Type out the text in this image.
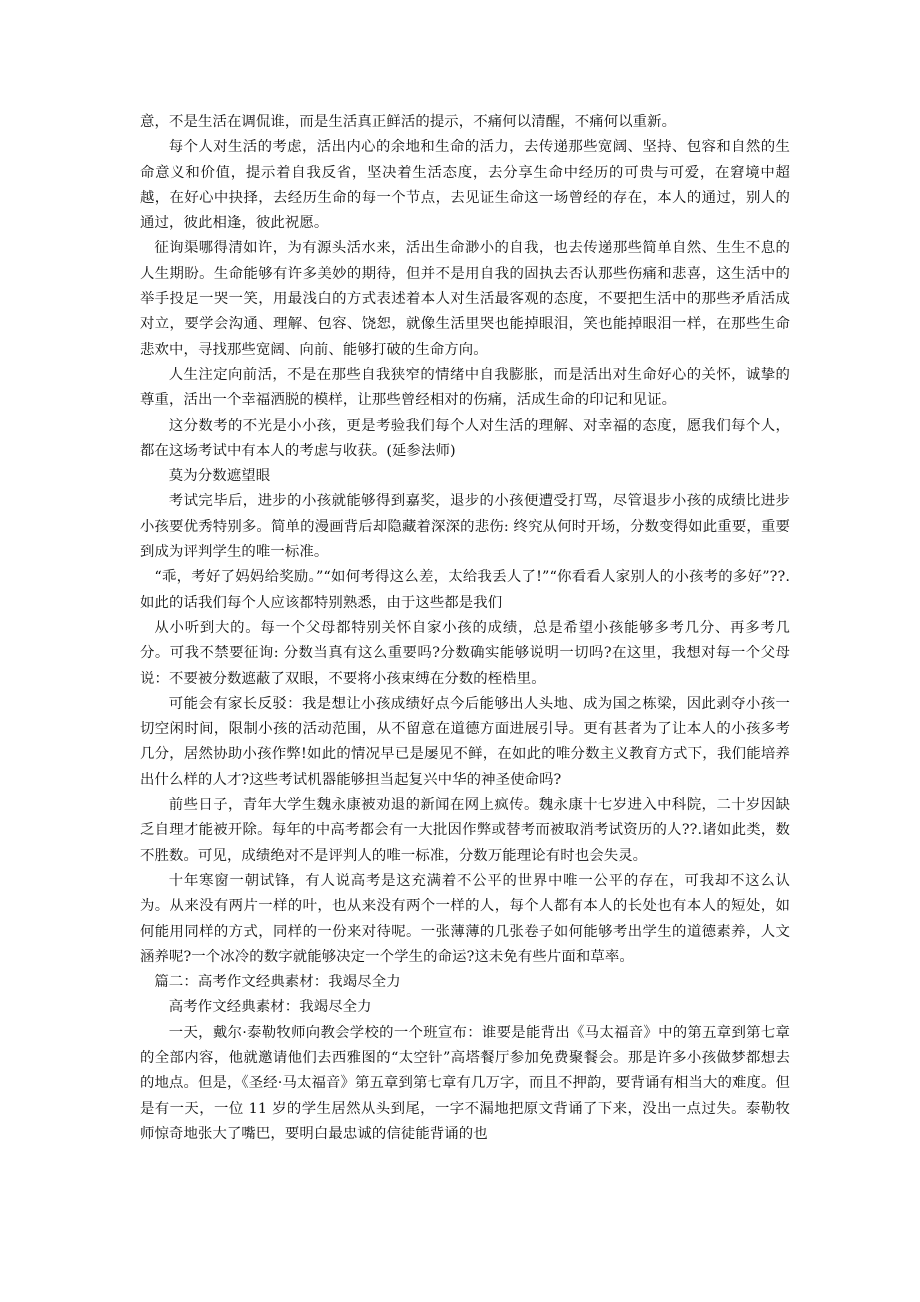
意，不是生活在调侃谁，而是生活真正鲜活的提示，不痛何以清醒，不痛何以重新。

每个人对生活的考虑，活出内心的余地和生命的活力，去传递那些宽阔、坚持、包容和自然的生命意义和价值，提示着自我反省，坚决着生活态度，去分享生命中经历的可贵与可爱，在窘境中超越，在好心中抉择，去经历生命的每一个节点，去见证生命这一场曾经的存在，本人的通过，别人的通过，彼此相逢，彼此祝愿。

征询渠哪得清如许，为有源头活水来，活出生命渺小的自我，也去传递那些简单自然、生生不息的人生期盼。生命能够有许多美妙的期待，但并不是用自我的固执去否认那些伤痛和悲喜，这生活中的举手投足一哭一笑，用最浅白的方式表述着本人对生活最客观的态度，不要把生活中的那些矛盾活成对立，要学会沟通、理解、包容、饶恕，就像生活里哭也能掉眼泪，笑也能掉眼泪一样，在那些生命悲欢中，寻找那些宽阔、向前、能够打破的生命方向。

人生注定向前活，不是在那些自我狭窄的情绪中自我膨胀，而是活出对生命好心的关怀，诚挚的尊重，活出一个幸福洒脱的模样，让那些曾经相对的伤痛，活成生命的印记和见证。

这分数考的不光是小小孩，更是考验我们每个人对生活的理解、对幸福的态度，愿我们每个人，都在这场考试中有本人的考虑与收获。(延参法师)

莫为分数遮望眼

考试完毕后，进步的小孩就能够得到嘉奖，退步的小孩便遭受打骂，尽管退步小孩的成绩比进步小孩要优秀特别多。简单的漫画背后却隐藏着深深的悲伤: 终究从何时开场，分数变得如此重要，重要到成为评判学生的唯一标准。

“乖，考好了妈妈给奖励。”“如何考得这么差，太给我丢人了!”“你看看人家别人的小孩考的多好”??.如此的话我们每个人应该都特别熟悉，由于这些都是我们

从小听到大的。每一个父母都特别关怀自家小孩的成绩，总是希望小孩能够多考几分、再多考几分。可我不禁要征询: 分数当真有这么重要吗?分数确实能够说明一切吗?在这里，我想对每一个父母说：不要被分数遮蔽了双眼，不要将小孩束缚在分数的桎梏里。

可能会有家长反驳：我是想让小孩成绩好点今后能够出人头地、成为国之栋梁，因此剥夺小孩一切空闲时间，限制小孩的活动范围，从不留意在道德方面进展引导。更有甚者为了让本人的小孩多考几分，居然协助小孩作弊!如此的情况早已是屡见不鲜，在如此的唯分数主义教育方式下，我们能培养出什么样的人才?这些考试机器能够担当起复兴中华的神圣使命吗?

前些日子，青年大学生魏永康被劝退的新闻在网上疯传。魏永康十七岁进入中科院，二十岁因缺乏自理才能被开除。每年的中高考都会有一大批因作弊或替考而被取消考试资历的人??.诸如此类，数不胜数。可见，成绩绝对不是评判人的唯一标准，分数万能理论有时也会失灵。

十年寒窗一朝试锋，有人说高考是这充满着不公平的世界中唯一公平的存在，可我却不这么认为。从来没有两片一样的叶，也从来没有两个一样的人，每个人都有本人的长处也有本人的短处，如何能用同样的方式，同样的一份来对待呢。一张薄薄的几张卷子如何能够考出学生的道德素养，人文涵养呢?一个冰冷的数字就能够决定一个学生的命运?这未免有些片面和草率。

篇二：高考作文经典素材：我竭尽全力

高考作文经典素材：我竭尽全力

一天，戴尔·泰勒牧师向教会学校的一个班宣布：谁要是能背出《马太福音》中的第五章到第七章的全部内容，他就邀请他们去西雅图的“太空针”高塔餐厅参加免费聚餐会。那是许多小孩做梦都想去的地点。但是，《圣经·马太福音》第五章到第七章有几万字，而且不押韵，要背诵有相当大的难度。但是有一天，一位 11 岁的学生居然从头到尾，一字不漏地把原文背诵了下来，没出一点过失。泰勒牧师惊奇地张大了嘴巴，要明白最忠诚的信徒能背诵的也
